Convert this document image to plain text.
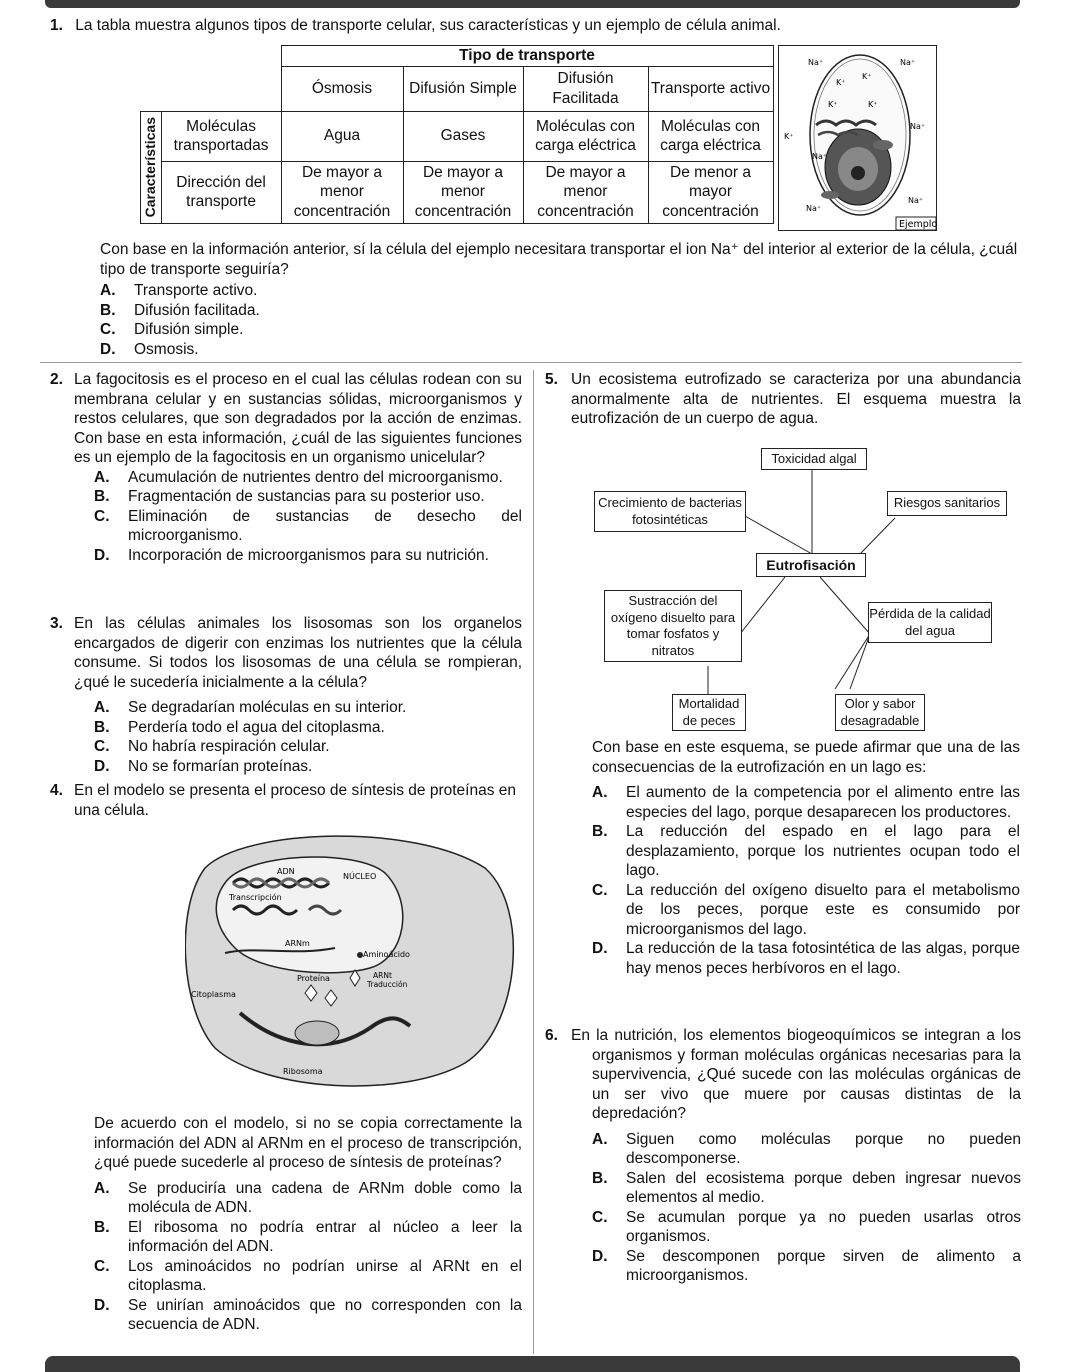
1. La tabla muestra algunos tipos de transporte celular, sus características y un ejemplo de célula animal.
		Tipo de transporte			
		Ósmosis	Difusión Simple	Difusión Facilitada	Transporte activo

Características	Moléculas transportadas	Agua	Gases	Moléculas con carga eléctrica	Moléculas con carga eléctrica
	Dirección del transporte	De mayor a menor concentración	De mayor a menor concentración	De mayor a menor concentración	De menor a mayor concentración
Na⁺	Na⁺
K⁺
K⁺
K⁺	K⁺
Na⁺
K⁺
Na⁺
Na⁺
Na⁺
Ejemplo
Con base en la información anterior, sí la célula del ejemplo necesitara transportar el ion Na⁺ del interior al exterior de la célula, ¿cuál tipo de transporte seguiría?
A. Transporte activo.
B. Difusión facilitada.
C. Difusión simple.
D. Osmosis.
2. La fagocitosis es el proceso en el cual las células rodean con su membrana celular y en sustancias sólidas, microorganismos y restos celulares, que son degradados por la acción de enzimas. Con base en esta información, ¿cuál de las siguientes funciones es un ejemplo de la fagocitosis en un organismo unicelular?
A. Acumulación de nutrientes dentro del microorganismo.
B. Fragmentación de sustancias para su posterior uso.
C. Eliminación de sustancias de desecho del microorganismo.
D. Incorporación de microorganismos para su nutrición.
3. En las células animales los lisosomas son los organelos encargados de digerir con enzimas los nutrientes que la célula consume. Si todos los lisosomas de una célula se rompieran, ¿qué le sucedería inicialmente a la célula?
A. Se degradarían moléculas en su interior.
B. Perdería todo el agua del citoplasma.
C. No habría respiración celular.
D. No se formarían proteínas.
4. En el modelo se presenta el proceso de síntesis de proteínas en una célula.
ADN
NÚCLEO
Transcripción
ARNm
Aminoácido
Proteína	ARNt
Traducción
Citoplasma
Ribosoma
De acuerdo con el modelo, si no se copia correctamente la información del ADN al ARNm en el proceso de transcripción, ¿qué puede sucederle al proceso de síntesis de proteínas?
A. Se produciría una cadena de ARNm doble como la molécula de ADN.
B. El ribosoma no podría entrar al núcleo a leer la información del ADN.
C. Los aminoácidos no podrían unirse al ARNt en el citoplasma.
D. Se unirían aminoácidos que no corresponden con la secuencia de ADN.
5. Un ecosistema eutrofizado se caracteriza por una abundancia anormalmente alta de nutrientes. El esquema muestra la eutrofización de un cuerpo de agua.
Toxicidad algal
Crecimiento de bacterias fotosintéticas
Riesgos sanitarios
Eutrofisación
Sustracción del oxígeno disuelto para tomar fosfatos y nitratos
Pérdida de la calidad del agua
Mortalidad de peces
Olor y sabor desagradable
Con base en este esquema, se puede afirmar que una de las consecuencias de la eutrofización en un lago es:
A. El aumento de la competencia por el alimento entre las especies del lago, porque desaparecen los productores.
B. La reducción del espado en el lago para el desplazamiento, porque los nutrientes ocupan todo el lago.
C. La reducción del oxígeno disuelto para el metabolismo de los peces, porque este es consumido por microorganismos del lago.
D. La reducción de la tasa fotosintética de las algas, porque hay menos peces herbívoros en el lago.
6. En la nutrición, los elementos biogeoquímicos se integran a los organismos y forman moléculas orgánicas necesarias para la supervivencia, ¿Qué sucede con las moléculas orgánicas de un ser vivo que muere por causas distintas de la depredación?
A. Siguen como moléculas porque no pueden descomponerse.
B. Salen del ecosistema porque deben ingresar nuevos elementos al medio.
C. Se acumulan porque ya no pueden usarlas otros organismos.
D. Se descomponen porque sirven de alimento a microorganismos.
